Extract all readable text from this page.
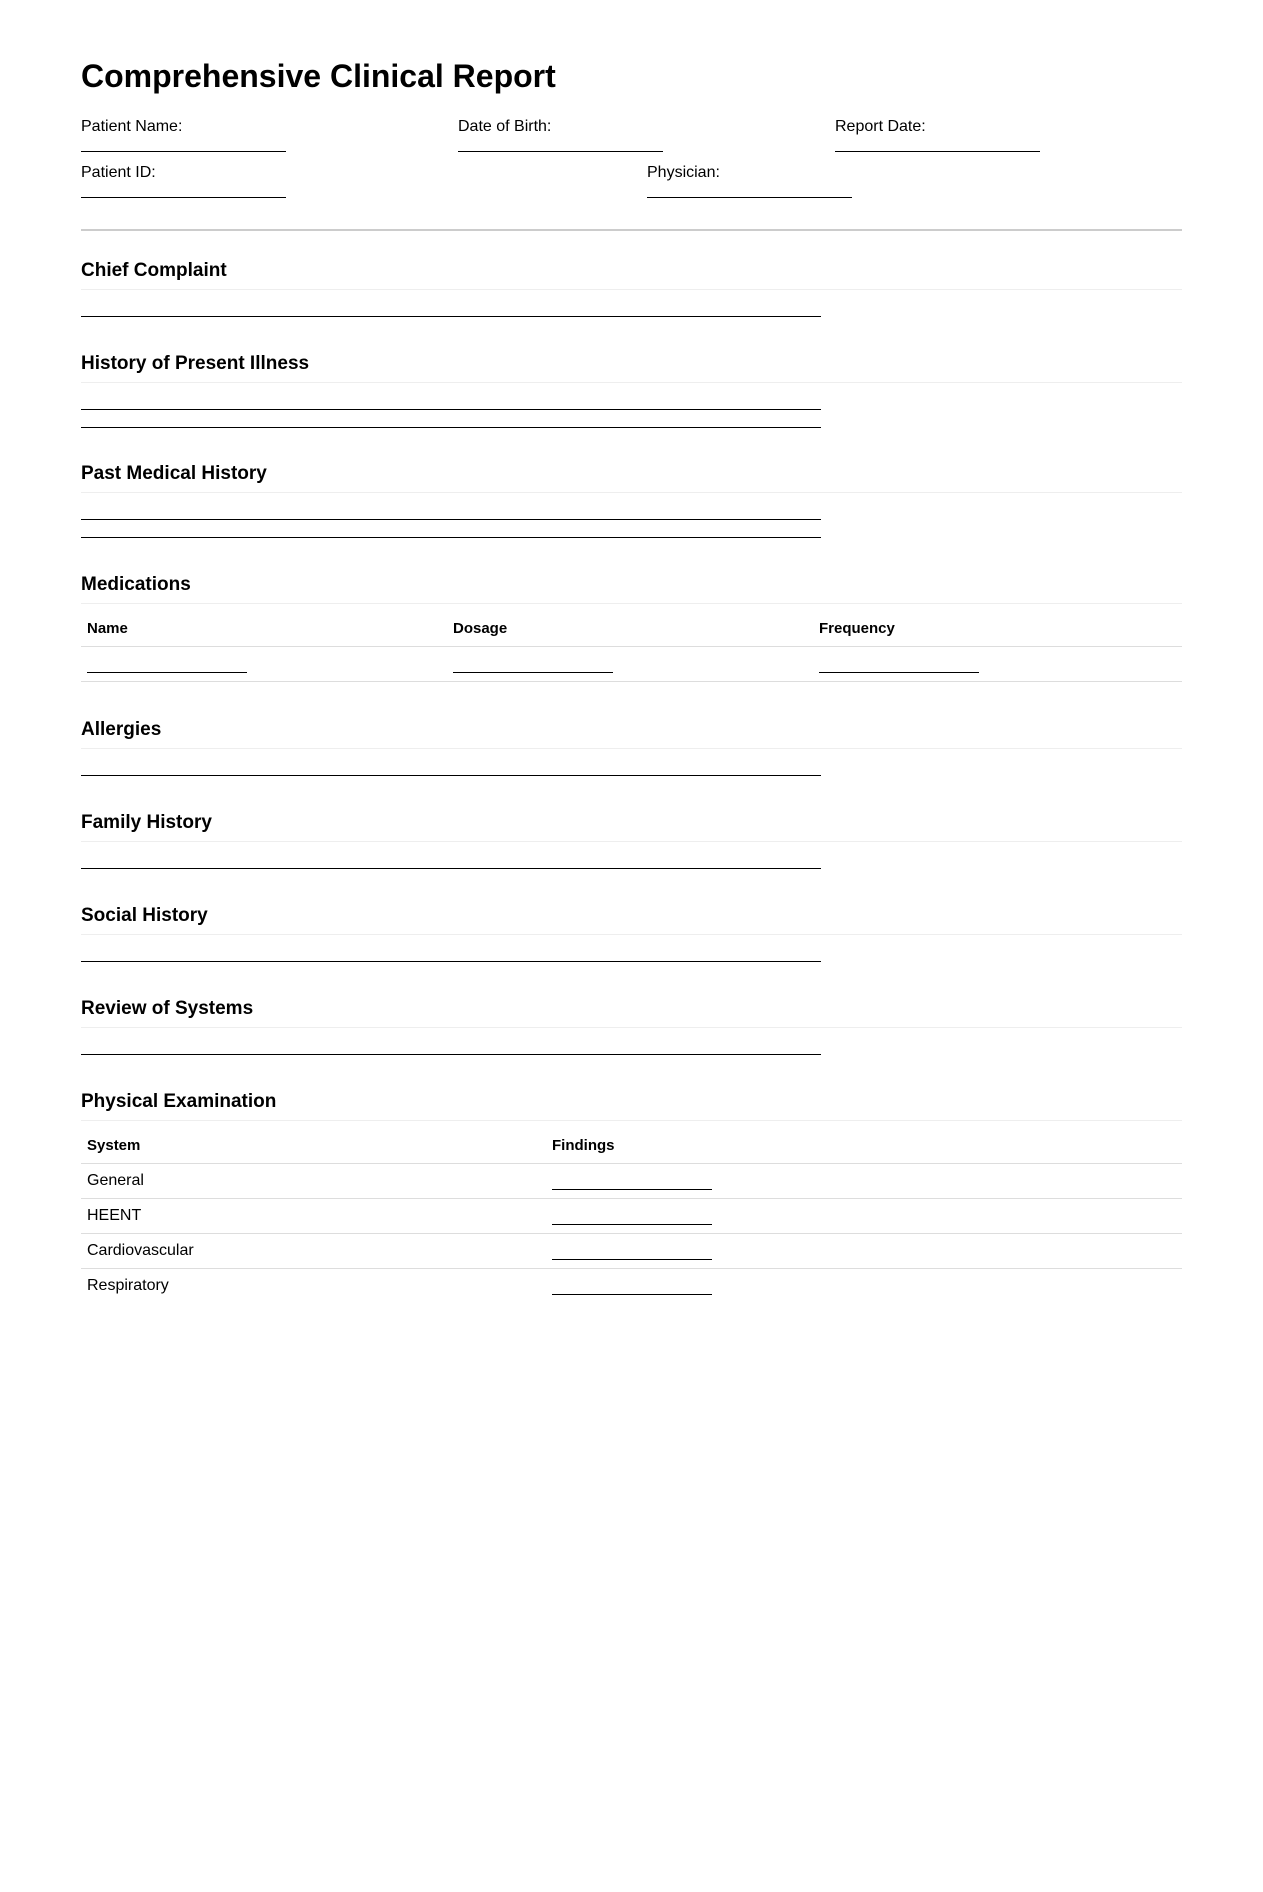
Comprehensive Clinical Report
Patient Name:	Date of Birth:	Report Date:
Patient ID:	Physician:
Chief Complaint
History of Present Illness
Past Medical History
Medications
Name	Dosage	Frequency

Allergies
Family History
Social History
Review of Systems
Physical Examination
System	Findings
General	
HEENT	
Cardiovascular	
Respiratory	
